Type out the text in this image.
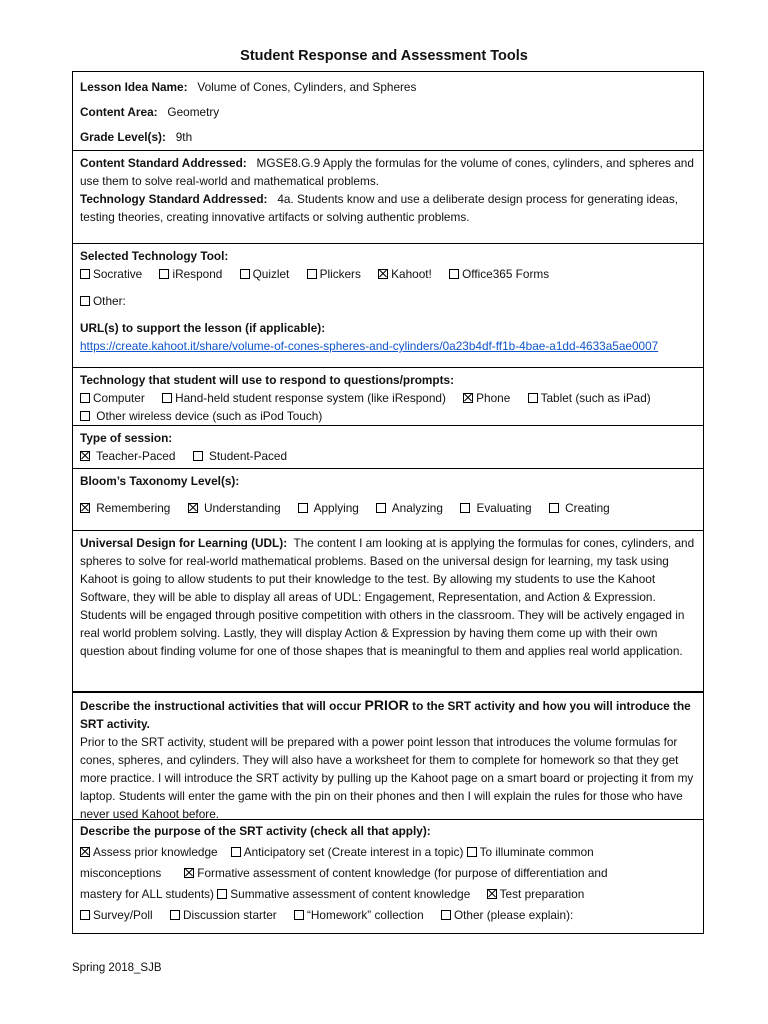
Student Response and Assessment Tools
Lesson Idea Name: Volume of Cones, Cylinders, and Spheres
Content Area: Geometry
Grade Level(s): 9th
Content Standard Addressed: MGSE8.G.9 Apply the formulas for the volume of cones, cylinders, and spheres and use them to solve real-world and mathematical problems.
Technology Standard Addressed: 4a. Students know and use a deliberate design process for generating ideas, testing theories, creating innovative artifacts or solving authentic problems.
Selected Technology Tool:
Socrative	iRespond	Quizlet	Plickers	Kahoot!	Office365 Forms
Other:
URL(s) to support the lesson (if applicable):
https://create.kahoot.it/share/volume-of-cones-spheres-and-cylinders/0a23b4df-ff1b-4bae-a1dd-4633a5ae0007
Technology that student will use to respond to questions/prompts:
Computer	Hand-held student response system (like iRespond)	Phone	Tablet (such as iPad)
Other wireless device (such as iPod Touch)
Type of session:
Teacher-Paced	Student-Paced
Bloom’s Taxonomy Level(s):
Remembering	Understanding	Applying	Analyzing	Evaluating	Creating
Universal Design for Learning (UDL): The content I am looking at is applying the formulas for cones, cylinders, and spheres to solve for real-world mathematical problems. Based on the universal design for learning, my task using Kahoot is going to allow students to put their knowledge to the test. By allowing my students to use the Kahoot Software, they will be able to display all areas of UDL: Engagement, Representation, and Action & Expression. Students will be engaged through positive competition with others in the classroom. They will be actively engaged in real world problem solving. Lastly, they will display Action & Expression by having them come up with their own question about finding volume for one of those shapes that is meaningful to them and applies real world application.
Describe the instructional activities that will occur PRIOR to the SRT activity and how you will introduce the SRT activity.
Prior to the SRT activity, student will be prepared with a power point lesson that introduces the volume formulas for cones, spheres, and cylinders. They will also have a worksheet for them to complete for homework so that they get more practice. I will introduce the SRT activity by pulling up the Kahoot page on a smart board or projecting it from my laptop. Students will enter the game with the pin on their phones and then I will explain the rules for those who have never used Kahoot before.
Describe the purpose of the SRT activity (check all that apply):
Assess prior knowledge Anticipatory set (Create interest in a topic) To illuminate common
misconceptions	Formative assessment of content knowledge (for purpose of differentiation and
mastery for ALL students) Summative assessment of content knowledge Test preparation
Survey/Poll	Discussion starter	“Homework” collection	Other (please explain):
Spring 2018_SJB
